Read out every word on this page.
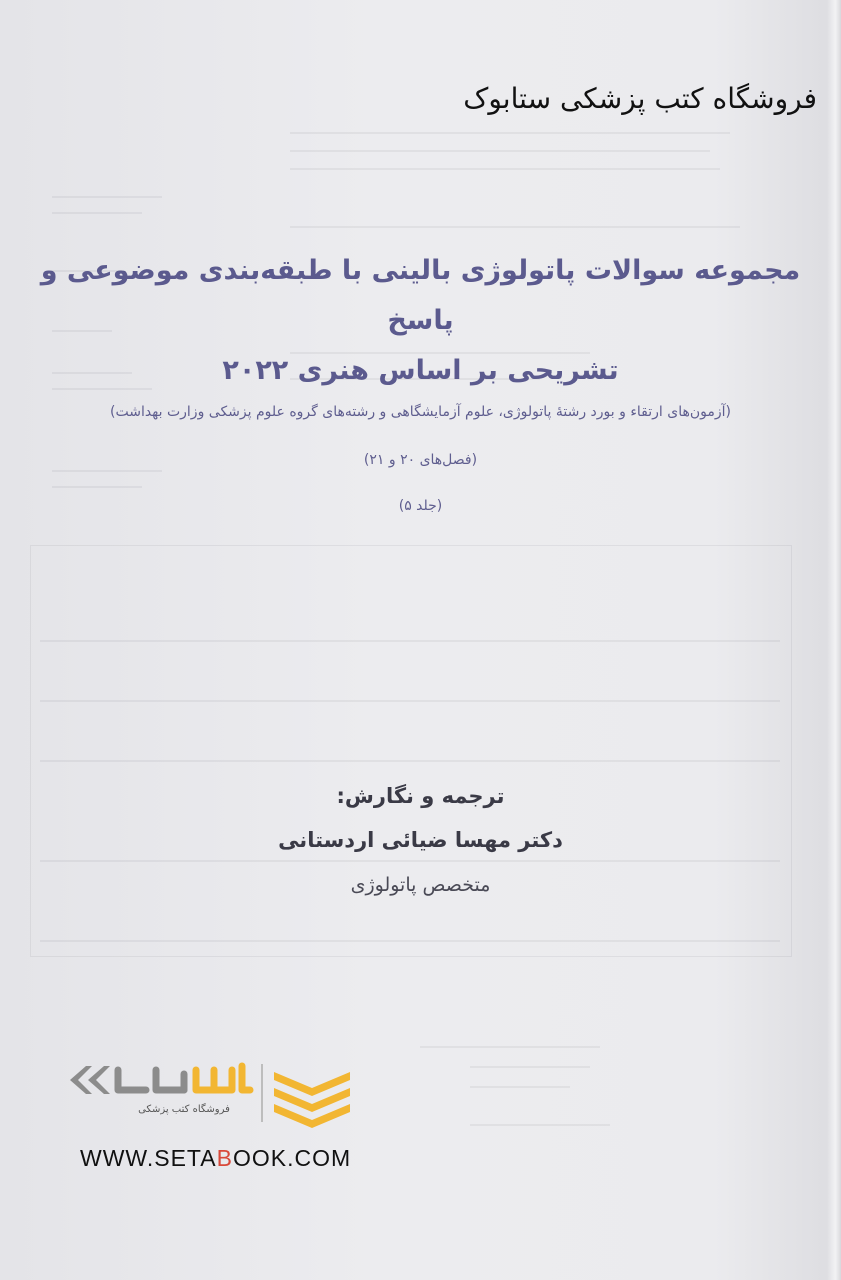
فروشگاه کتب پزشکی ستابوک
مجموعه سوالات پاتولوژی بالینی با طبقه‌بندی موضوعی و پاسخ
تشریحی بر اساس هنری ۲۰۲۲
(آزمون‌های ارتقاء و بورد رشتهٔ پاتولوژی، علوم آزمایشگاهی و رشته‌های گروه علوم پزشکی وزارت بهداشت)
(فصل‌های ۲۰ و ۲۱)
(جلد ۵)
ترجمه و نگارش:
دکتر مهسا ضیائی اردستانی
متخصص پاتولوژی
فروشگاه کتب پزشکی
WWW.SETABOOK.COM
